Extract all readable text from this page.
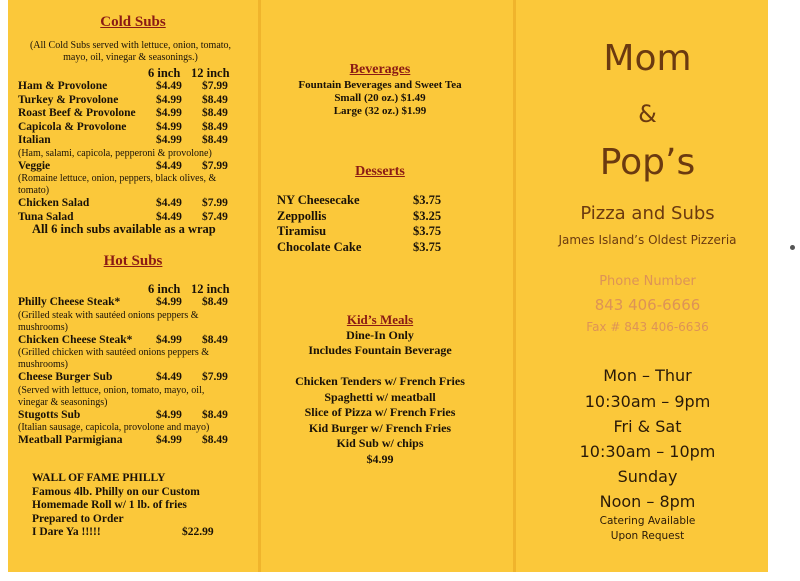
Cold Subs
(All Cold Subs served with lettuce, onion, tomato, mayo, oil, vinegar & seasonings.)
6 inch 12 inch
Ham & Provolone	$4.49 $7.99
Turkey & Provolone	$4.99 $8.49
Roast Beef & Provolone $4.99 $8.49
Capicola & Provolone	$4.99 $8.49
Italian	$4.99 $8.49
(Ham, salami, capicola, pepperoni & provolone)
Veggie	$4.49 $7.99
(Romaine lettuce, onion, peppers, black olives, & tomato)
Chicken Salad	$4.49 $7.99
Tuna Salad	$4.49 $7.49
All 6 inch subs available as a wrap
Hot Subs
6 inch 12 inch
Philly Cheese Steak*	$4.99 $8.49
(Grilled steak with sautéed onions peppers & mushrooms)
Chicken Cheese Steak* $4.99 $8.49
(Grilled chicken with sautéed onions peppers & mushrooms)
Cheese Burger Sub	$4.49 $7.99
(Served with lettuce, onion, tomato, mayo, oil, vinegar & seasonings)
Stugotts Sub	$4.99 $8.49
(Italian sausage, capicola, provolone and mayo)
Meatball Parmigiana	$4.99 $8.49
WALL OF FAME PHILLY
Famous 4lb. Philly on our Custom
Homemade Roll w/ 1 lb. of fries
Prepared to Order
I Dare Ya !!!!!	$22.99
Beverages
Fountain Beverages and Sweet Tea
Small (20 oz.) $1.49
Large (32 oz.) $1.99
Desserts
NY Cheesecake	$3.75
Zeppollis	$3.25
Tiramisu	$3.75
Chocolate Cake	$3.75
Kid’s Meals
Dine-In Only
Includes Fountain Beverage
Chicken Tenders w/ French Fries
Spaghetti w/ meatball
Slice of Pizza w/ French Fries
Kid Burger w/ French Fries
Kid Sub w/ chips
$4.99
Mom
&
Pop’s
Pizza and Subs
James Island’s Oldest Pizzeria
Phone Number
843 406-6666
Fax # 843 406-6636
Mon – Thur
10:30am – 9pm
Fri & Sat
10:30am – 10pm
Sunday
Noon – 8pm
Catering Available
Upon Request
